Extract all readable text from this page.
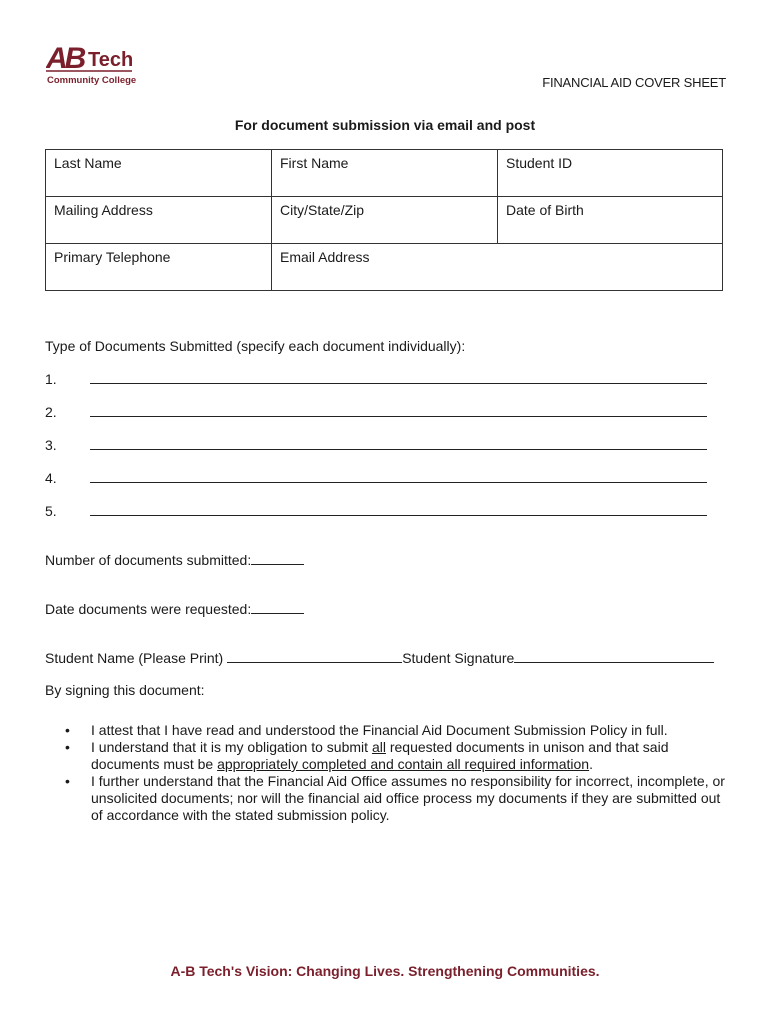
AB Tech
Community College	FINANCIAL AID COVER SHEET
For document submission via email and post
Last Name	First Name	Student ID
Mailing Address	City/State/Zip	Date of Birth
Primary Telephone	Email Address	
Type of Documents Submitted (specify each document individually):
1.
2.
3.
4.
5.
Number of documents submitted:
Date documents were requested:
Student Name (Please Print)	Student Signature
By signing this document:
• I attest that I have read and understood the Financial Aid Document Submission Policy in full.
• I understand that it is my obligation to submit all requested documents in unison and that said documents must be appropriately completed and contain all required information.
• I further understand that the Financial Aid Office assumes no responsibility for incorrect, incomplete, or unsolicited documents; nor will the financial aid office process my documents if they are submitted out of accordance with the stated submission policy.
A-B Tech's Vision: Changing Lives. Strengthening Communities.
